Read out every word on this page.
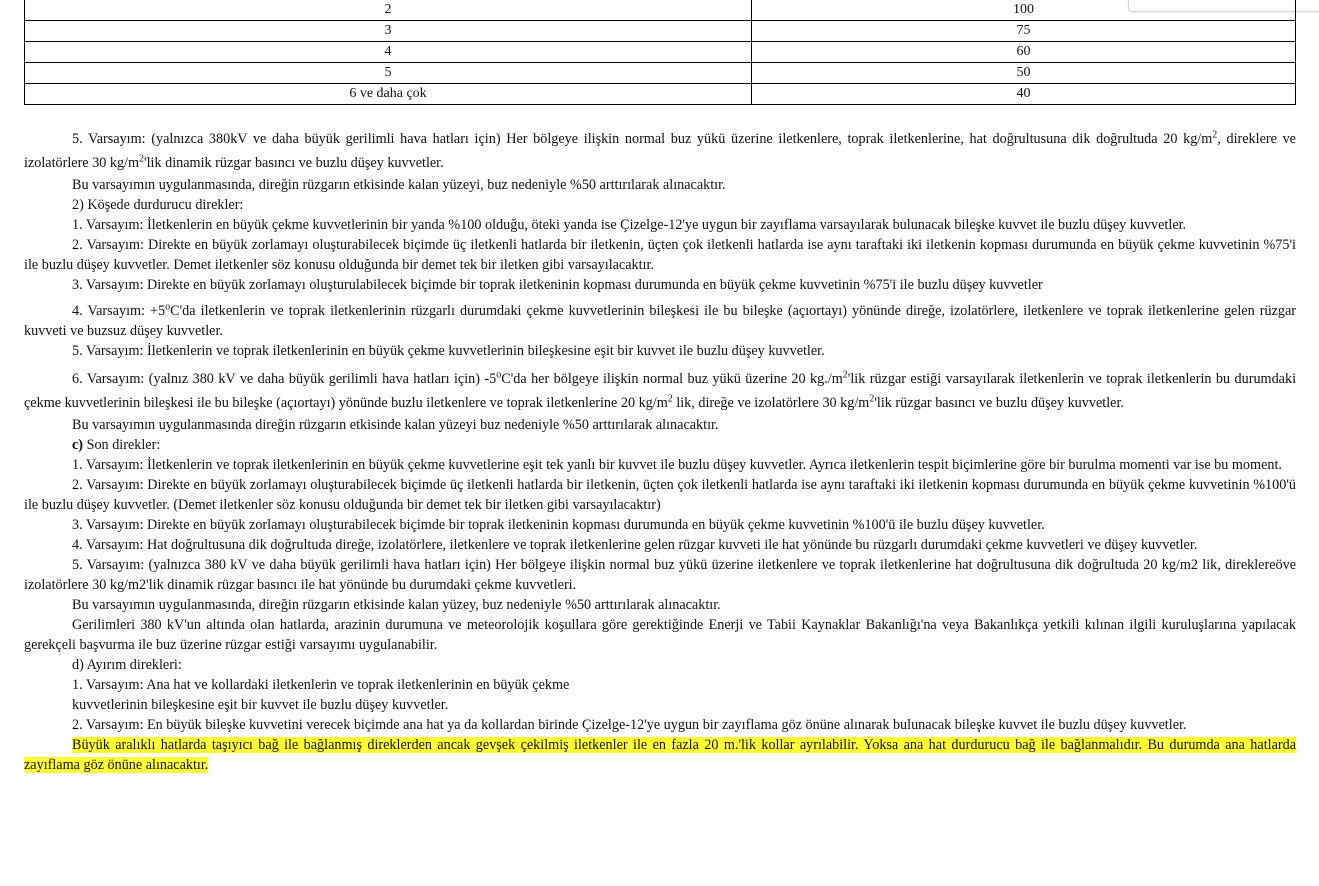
2	100
3	75
4	60
5	50
6 ve daha çok	40

5. Varsayım: (yalnızca 380kV ve daha büyük gerilimli hava hatları için) Her bölgeye ilişkin normal buz yükü üzerine iletkenlere, toprak iletkenlerine, hat doğrultusuna dik doğrultuda 20 $kg/m^2$, direklere ve izolatörlere 30 $kg/m^2'lik$ dinamik rüzgar basıncı ve buzlu düşey kuvvetler.

Bu varsayımın uygulanmasında, direğin rüzgarın etkisinde kalan yüzeyi, buz nedeniyle %50 arttırılarak alınacaktır.

2) Köşede durdurucu direkler:

1. Varsayım: İletkenlerin en büyük çekme kuvvetlerinin bir yanda %100 olduğu, öteki yanda ise Çizelge-12'ye uygun bir zayıflama varsayılarak bulunacak bileşke kuvvet ile buzlu düşey kuvvetler.

2. Varsayım: Direkte en büyük zorlamayı oluşturabilecek biçimde üç iletkenli hatlarda bir iletkenin, üçten çok iletkenli hatlarda ise aynı taraftaki iki iletkenin kopması durumunda en büyük çekme kuvvetinin %75'i ile buzlu düşey kuvvetler. Demet iletkenler söz konusu olduğunda bir demet tek bir iletken gibi varsayılacaktır.

3. Varsayım: Direkte en büyük zorlamayı oluşturulabilecek biçimde bir toprak iletkeninin kopması durumunda en büyük çekme kuvvetinin %75'i ile buzlu düşey kuvvetler

4. Varsayım: $+5^oC'da$ iletkenlerin ve toprak iletkenlerinin rüzgarlı durumdaki çekme kuvvetlerinin bileşkesi ile bu bileşke (açıortayı) yönünde direğe, izolatörlere, iletkenlere ve toprak iletkenlerine gelen rüzgar kuvveti ve buzsuz düşey kuvvetler.

5. Varsayım: İletkenlerin ve toprak iletkenlerinin en büyük çekme kuvvetlerinin bileşkesine eşit bir kuvvet ile buzlu düşey kuvvetler.

6. Varsayım: (yalnız 380 kV ve daha büyük gerilimli hava hatları için) -5$^o$C'da her bölgeye ilişkin normal buz yükü üzerine 20 $kg./m^2'lik$ rüzgar estiği varsayılarak iletkenlerin ve toprak iletkenlerin bu durumdaki çekme kuvvetlerinin bileşkesi ile bu bileşke (açıortayı) yönünde buzlu iletkenlere ve toprak iletkenlerine 20 $kg/m^2$ lik, direğe ve izolatörlere 30 $kg/m^2'lik$ rüzgar basıncı ve buzlu düşey kuvvetler.

Bu varsayımın uygulanmasında direğin rüzgarın etkisinde kalan yüzeyi buz nedeniyle %50 arttırılarak alınacaktır.

c) Son direkler:

1. Varsayım: İletkenlerin ve toprak iletkenlerinin en büyük çekme kuvvetlerine eşit tek yanlı bir kuvvet ile buzlu düşey kuvvetler. Ayrıca iletkenlerin tespit biçimlerine göre bir burulma momenti var ise bu moment.

2. Varsayım: Direkte en büyük zorlamayı oluşturabilecek biçimde üç iletkenli hatlarda bir iletkenin, üçten çok iletkenli hatlarda ise aynı taraftaki iki iletkenin kopması durumunda en büyük çekme kuvvetinin %100'ü ile buzlu düşey kuvvetler. (Demet iletkenler söz konusu olduğunda bir demet tek bir iletken gibi varsayılacaktır)

3. Varsayım: Direkte en büyük zorlamayı oluşturabilecek biçimde bir toprak iletkeninin kopması durumunda en büyük çekme kuvvetinin %100'ü ile buzlu düşey kuvvetler.

4. Varsayım: Hat doğrultusuna dik doğrultuda direğe, izolatörlere, iletkenlere ve toprak iletkenlerine gelen rüzgar kuvveti ile hat yönünde bu rüzgarlı durumdaki çekme kuvvetleri ve düşey kuvvetler.

5. Varsayım: (yalnızca 380 kV ve daha büyük gerilimli hava hatları için) Her bölgeye ilişkin normal buz yükü üzerine iletkenlere ve toprak iletkenlerine hat doğrultusuna dik doğrultuda 20 kg/m2 lik, direklereöve izolatörlere 30 kg/m2'lik dinamik rüzgar basıncı ile hat yönünde bu durumdaki çekme kuvvetleri.

Bu varsayımın uygulanmasında, direğin rüzgarın etkisinde kalan yüzey, buz nedeniyle %50 arttırılarak alınacaktır.

Gerilimleri 380 kV'un altında olan hatlarda, arazinin durumuna ve meteorolojik koşullara göre gerektiğinde Enerji ve Tabii Kaynaklar Bakanlığı'na veya Bakanlıkça yetkili kılınan ilgili kuruluşlarına yapılacak gerekçeli başvurma ile buz üzerine rüzgar estiği varsayımı uygulanabilir.

d) Ayırım direkleri:

1. Varsayım: Ana hat ve kollardaki iletkenlerin ve toprak iletkenlerinin en büyük çekme

kuvvetlerinin bileşkesine eşit bir kuvvet ile buzlu düşey kuvvetler.

2. Varsayım: En büyük bileşke kuvvetini verecek biçimde ana hat ya da kollardan birinde Çizelge-12'ye uygun bir zayıflama göz önüne alınarak bulunacak bileşke kuvvet ile buzlu düşey kuvvetler.

Büyük aralıklı hatlarda taşıyıcı bağ ile bağlanmış direklerden ancak gevşek çekilmiş iletkenler ile en fazla 20 m.'lik kollar ayrılabilir. Yoksa ana hat durdurucu bağ ile bağlanmalıdır. Bu durumda ana hatlarda zayıflama göz önüne alınacaktır.
